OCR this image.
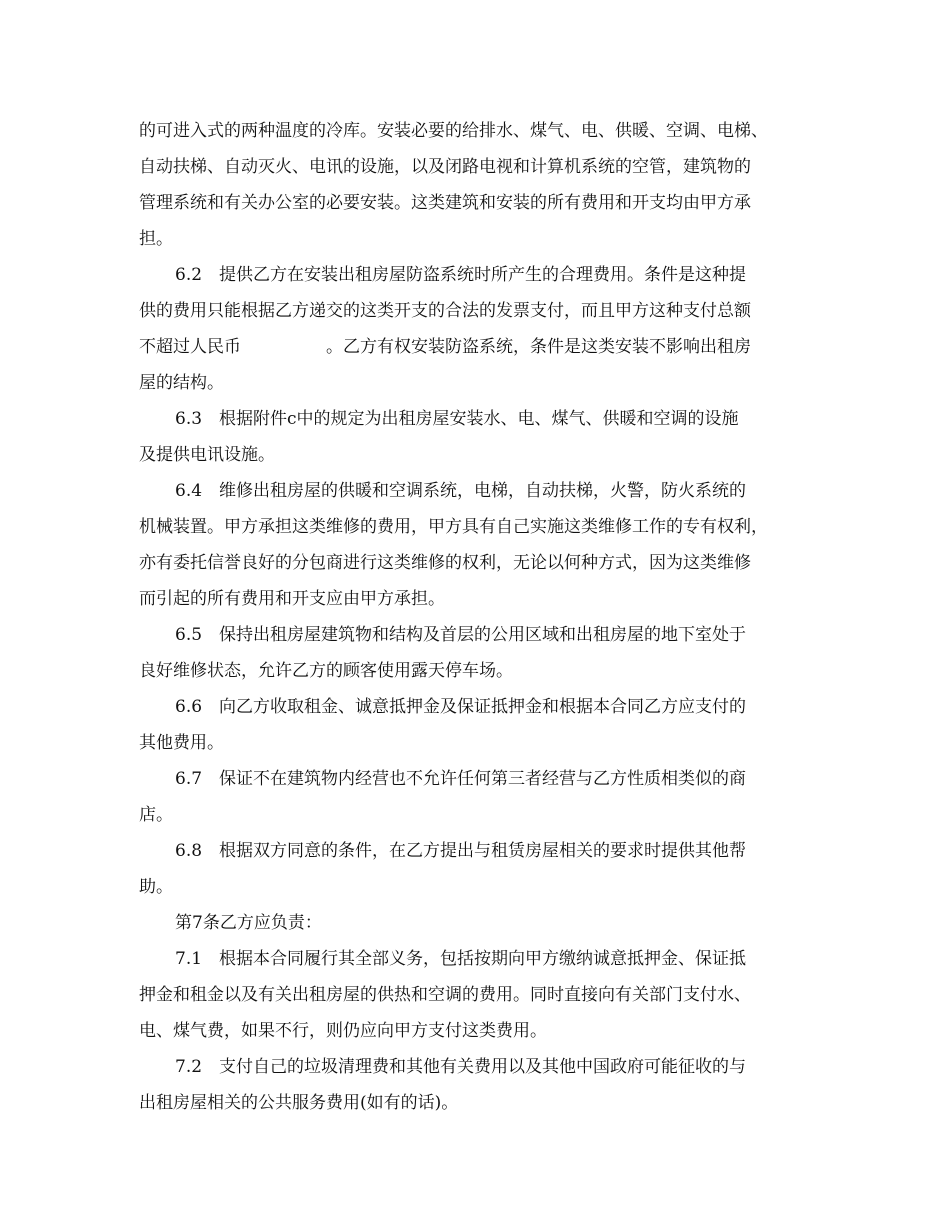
的可进入式的两种温度的冷库。安装必要的给排水、煤气、电、供暖、空调、电梯、

自动扶梯、自动灭火、电讯的设施，以及闭路电视和计算机系统的空管，建筑物的

管理系统和有关办公室的必要安装。这类建筑和安装的所有费用和开支均由甲方承

担。

6.2　提供乙方在安装出租房屋防盗系统时所产生的合理费用。条件是这种提

供的费用只能根据乙方递交的这类开支的合法的发票支付，而且甲方这种支付总额

不超过人民币　　　　　。乙方有权安装防盗系统，条件是这类安装不影响出租房

屋的结构。

6.3　根据附件c中的规定为出租房屋安装水、电、煤气、供暖和空调的设施

及提供电讯设施。

6.4　维修出租房屋的供暖和空调系统，电梯，自动扶梯，火警，防火系统的

机械装置。甲方承担这类维修的费用，甲方具有自己实施这类维修工作的专有权利，

亦有委托信誉良好的分包商进行这类维修的权利，无论以何种方式，因为这类维修

而引起的所有费用和开支应由甲方承担。

6.5　保持出租房屋建筑物和结构及首层的公用区域和出租房屋的地下室处于

良好维修状态，允许乙方的顾客使用露天停车场。

6.6　向乙方收取租金、诚意抵押金及保证抵押金和根据本合同乙方应支付的

其他费用。

6.7　保证不在建筑物内经营也不允许任何第三者经营与乙方性质相类似的商

店。

6.8　根据双方同意的条件，在乙方提出与租赁房屋相关的要求时提供其他帮

助。

第7条乙方应负责：

7.1　根据本合同履行其全部义务，包括按期向甲方缴纳诚意抵押金、保证抵

押金和租金以及有关出租房屋的供热和空调的费用。同时直接向有关部门支付水、

电、煤气费，如果不行，则仍应向甲方支付这类费用。

7.2　支付自己的垃圾清理费和其他有关费用以及其他中国政府可能征收的与

出租房屋相关的公共服务费用(如有的话)。
